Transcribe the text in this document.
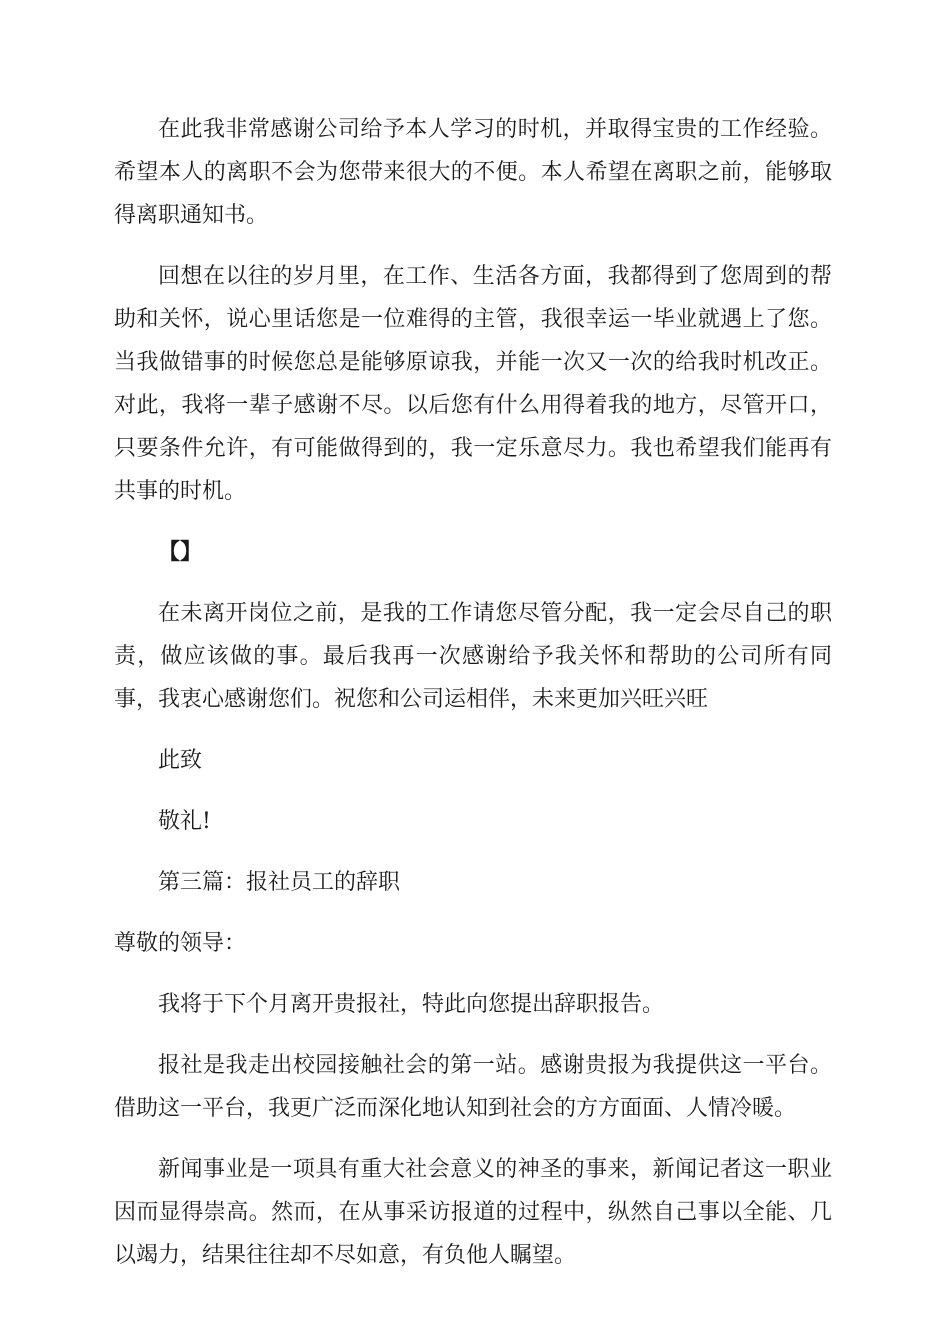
在此我非常感谢公司给予本人学习的时机，并取得宝贵的工作经验。希望本人的离职不会为您带来很大的不便。本人希望在离职之前，能够取得离职通知书。

回想在以往的岁月里，在工作、生活各方面，我都得到了您周到的帮助和关怀，说心里话您是一位难得的主管，我很幸运一毕业就遇上了您。当我做错事的时候您总是能够原谅我，并能一次又一次的给我时机改正。对此，我将一辈子感谢不尽。以后您有什么用得着我的地方，尽管开口，只要条件允许，有可能做得到的，我一定乐意尽力。我也希望我们能再有共事的时机。

【】

在未离开岗位之前，是我的工作请您尽管分配，我一定会尽自己的职责，做应该做的事。最后我再一次感谢给予我关怀和帮助的公司所有同事，我衷心感谢您们。祝您和公司运相伴，未来更加兴旺兴旺

此致

敬礼!

第三篇：报社员工的辞职

尊敬的领导：

我将于下个月离开贵报社，特此向您提出辞职报告。

报社是我走出校园接触社会的第一站。感谢贵报为我提供这一平台。借助这一平台，我更广泛而深化地认知到社会的方方面面、人情冷暖。

新闻事业是一项具有重大社会意义的神圣的事来，新闻记者这一职业因而显得崇高。然而，在从事采访报道的过程中，纵然自己事以全能、几以竭力，结果往往却不尽如意，有负他人瞩望。
